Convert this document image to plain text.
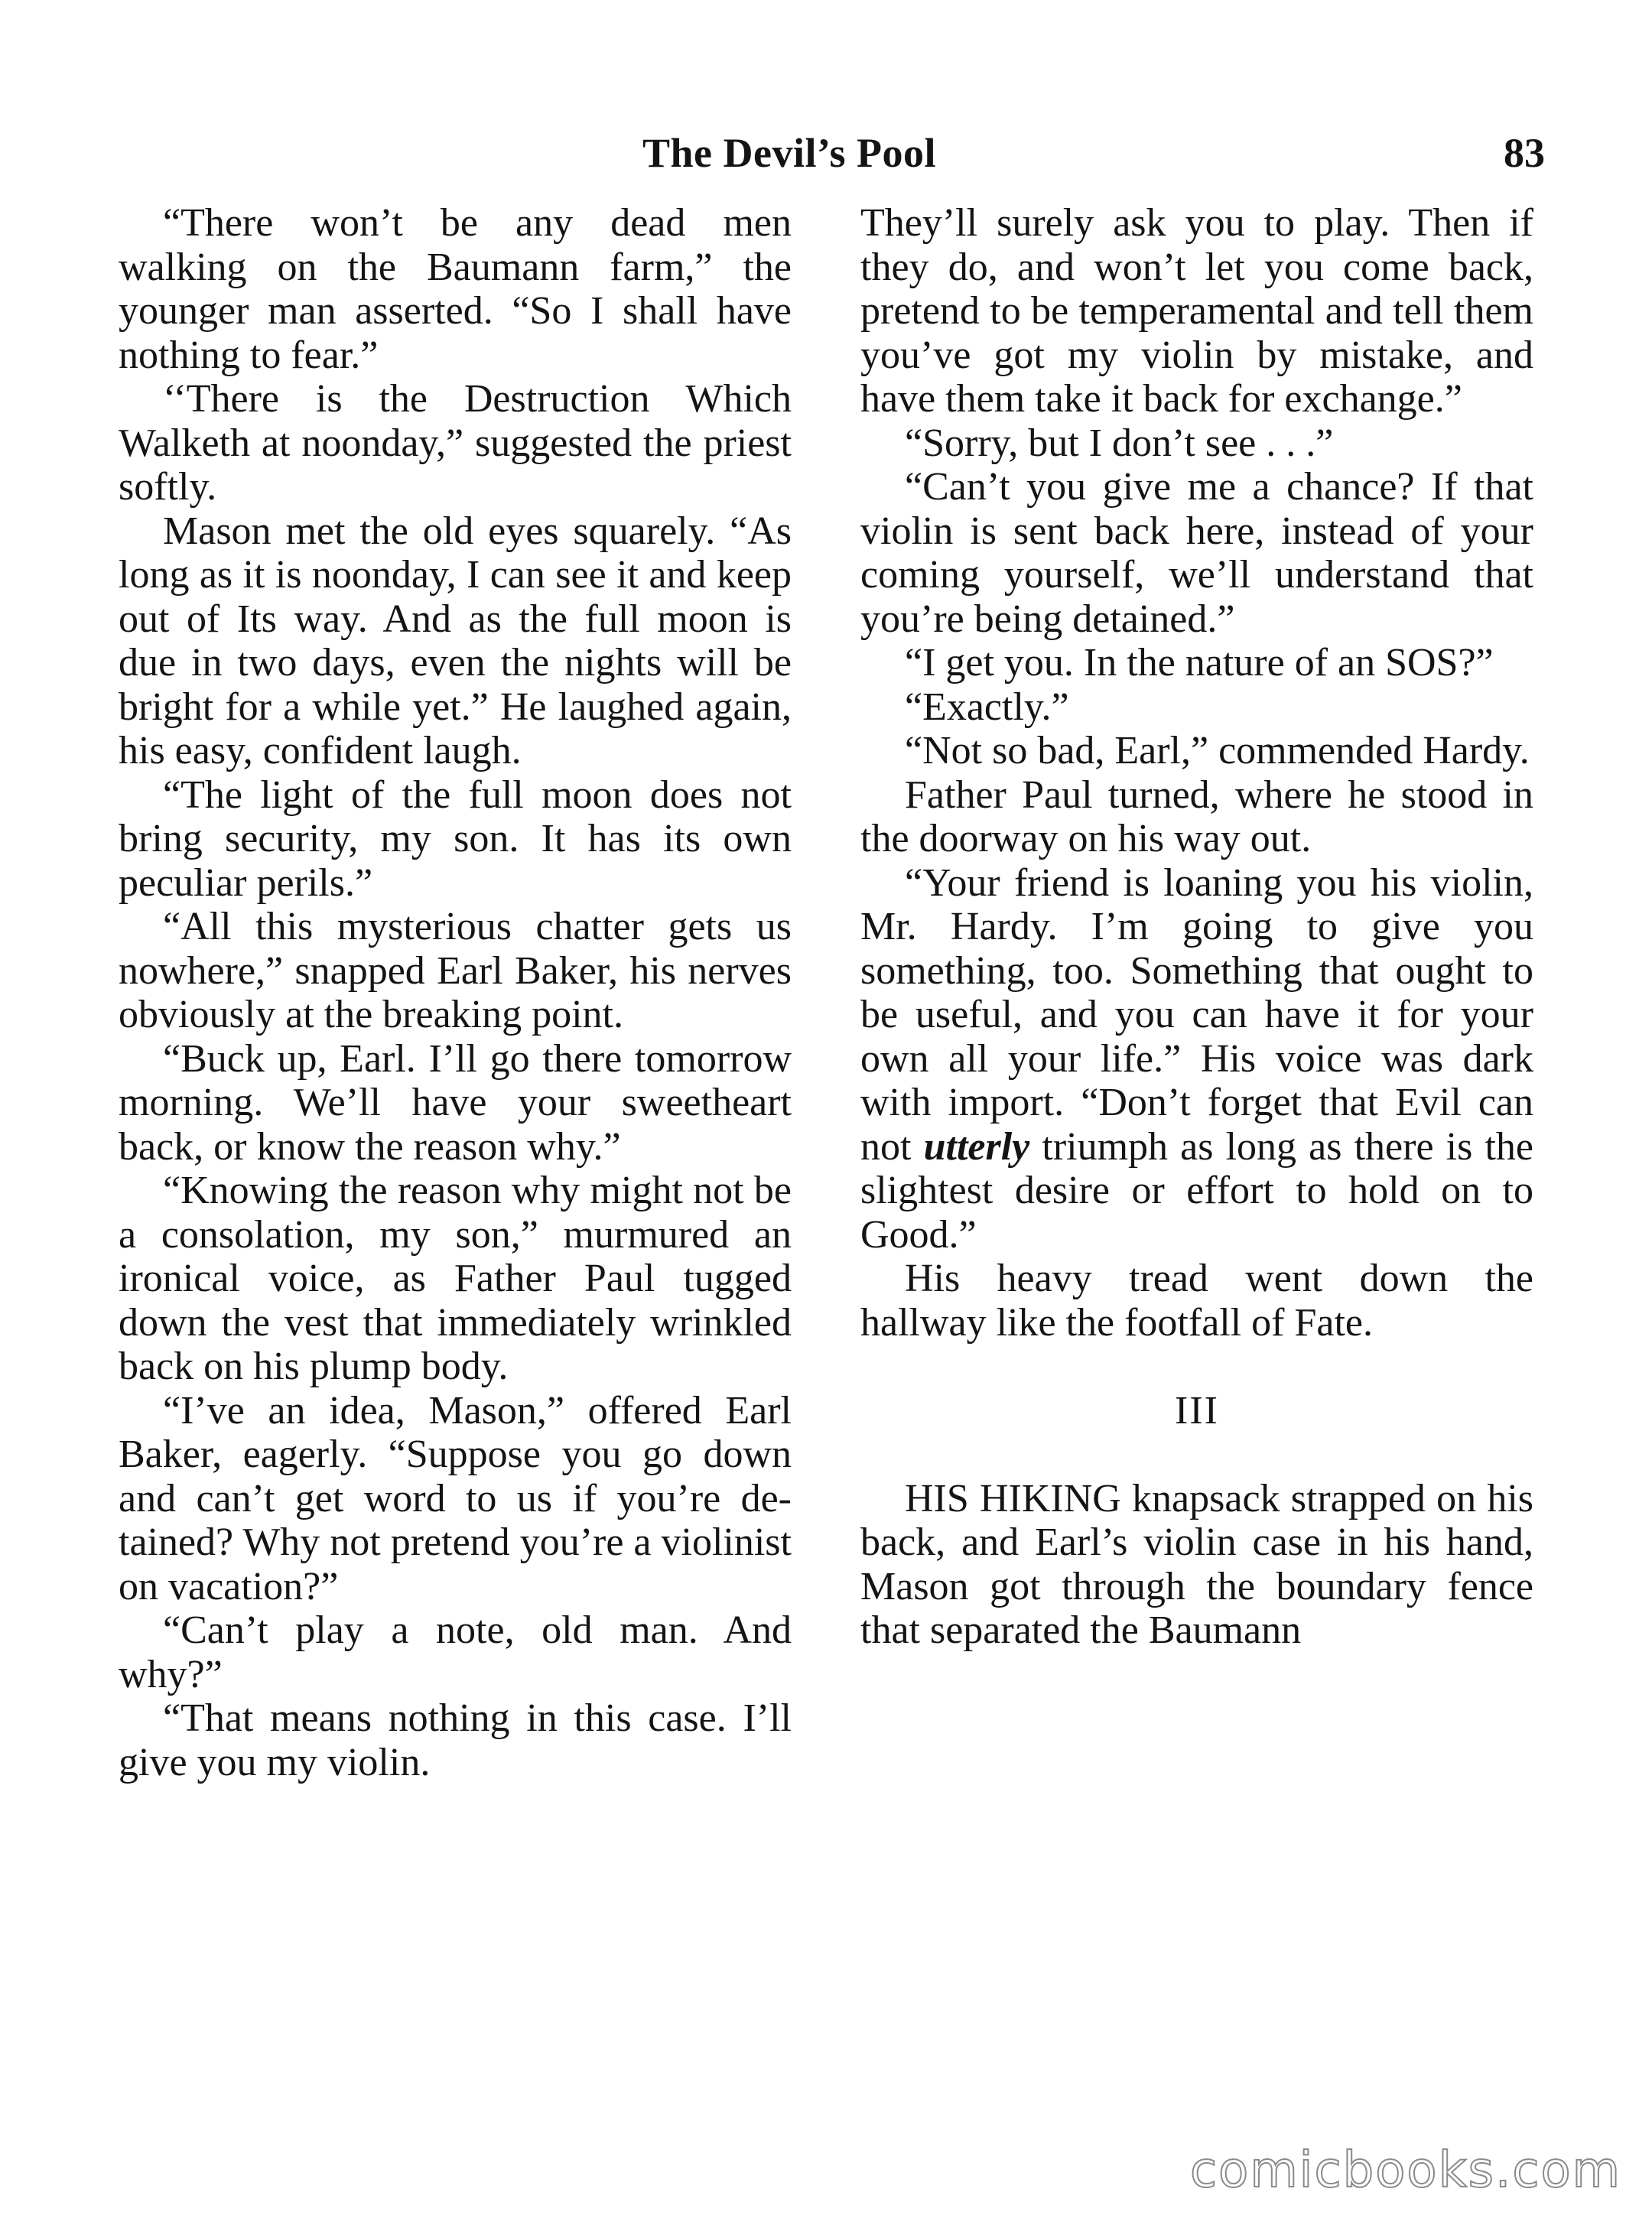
The Devil’s Pool	83

“There won’t be any dead men walking on the Baumann farm,” the younger man asserted. “So I shall have nothing to fear.”

‘‘There is the Destruction Which Walketh at noonday,” suggested the priest softly.

Mason met the old eyes squarely. “As long as it is noonday, I can see it and keep out of Its way. And as the full moon is due in two days, even the nights will be bright for a while yet.” He laughed again, his easy, confident laugh.

“The light of the full moon does not bring security, my son. It has its own peculiar perils.”

“All this mysterious chatter gets us nowhere,” snapped Earl Baker, his nerves obviously at the breaking point.

“Buck up, Earl. I’ll go there tomorrow morning. We’ll have your sweetheart back, or know the reason why.”

“Knowing the reason why might not be a consolation, my son,” murmured an ironical voice, as Father Paul tugged down the vest that immediately wrinkled back on his plump body.

“I’ve an idea, Mason,” offered Earl Baker, eagerly. “Suppose you go down and can’t get word to us if you’re detained? Why not pretend you’re a violinist on vacation?”

“Can’t play a note, old man. And why?”

“That means nothing in this case. I’ll give you my violin.

They’ll surely ask you to play. Then if they do, and won’t let you come back, pretend to be temperamental and tell them you’ve got my violin by mistake, and have them take it back for exchange.”

“Sorry, but I don’t see . . .”

“Can’t you give me a chance? If that violin is sent back here, instead of your coming yourself, we’ll understand that you’re being detained.”

“I get you. In the nature of an SOS?”

“Exactly.”

“Not so bad, Earl,” commended Hardy.

Father Paul turned, where he stood in the doorway on his way out.

“Your friend is loaning you his violin, Mr. Hardy. I’m going to give you something, too. Something that ought to be useful, and you can have it for your own all your life.” His voice was dark with import. “Don’t forget that Evil can not utterly triumph as long as there is the slightest desire or effort to hold on to Good.”

His heavy tread went down the hallway like the footfall of Fate.

III

HIS HIKING knapsack strapped on his back, and Earl’s violin case in his hand, Mason got through the boundary fence that separated the Baumann

comicbooks.com
